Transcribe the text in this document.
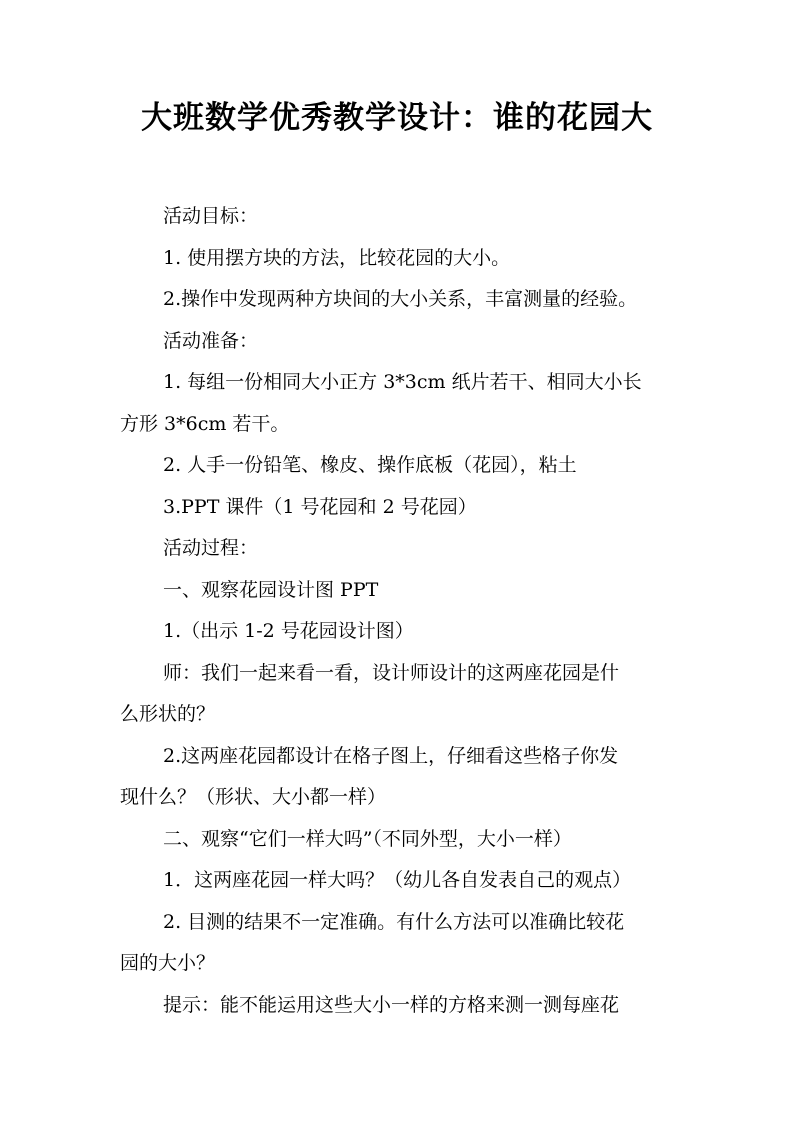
大班数学优秀教学设计：谁的花园大

活动目标：

1. 使用摆方块的方法，比较花园的大小。

2.操作中发现两种方块间的大小关系，丰富测量的经验。

活动准备：

1. 每组一份相同大小正方 3*3cm 纸片若干、相同大小长
方形 3*6cm 若干。

2. 人手一份铅笔、橡皮、操作底板（花园），粘土

3.PPT 课件（1 号花园和 2 号花园）

活动过程：

一、观察花园设计图 PPT

1.（出示 1-2 号花园设计图）

师：我们一起来看一看，设计师设计的这两座花园是什
么形状的？

2.这两座花园都设计在格子图上，仔细看这些格子你发
现什么？（形状、大小都一样）

二、观察“它们一样大吗”（不同外型，大小一样）

1．这两座花园一样大吗？（幼儿各自发表自己的观点）

2. 目测的结果不一定准确。有什么方法可以准确比较花
园的大小？

提示：能不能运用这些大小一样的方格来测一测每座花
